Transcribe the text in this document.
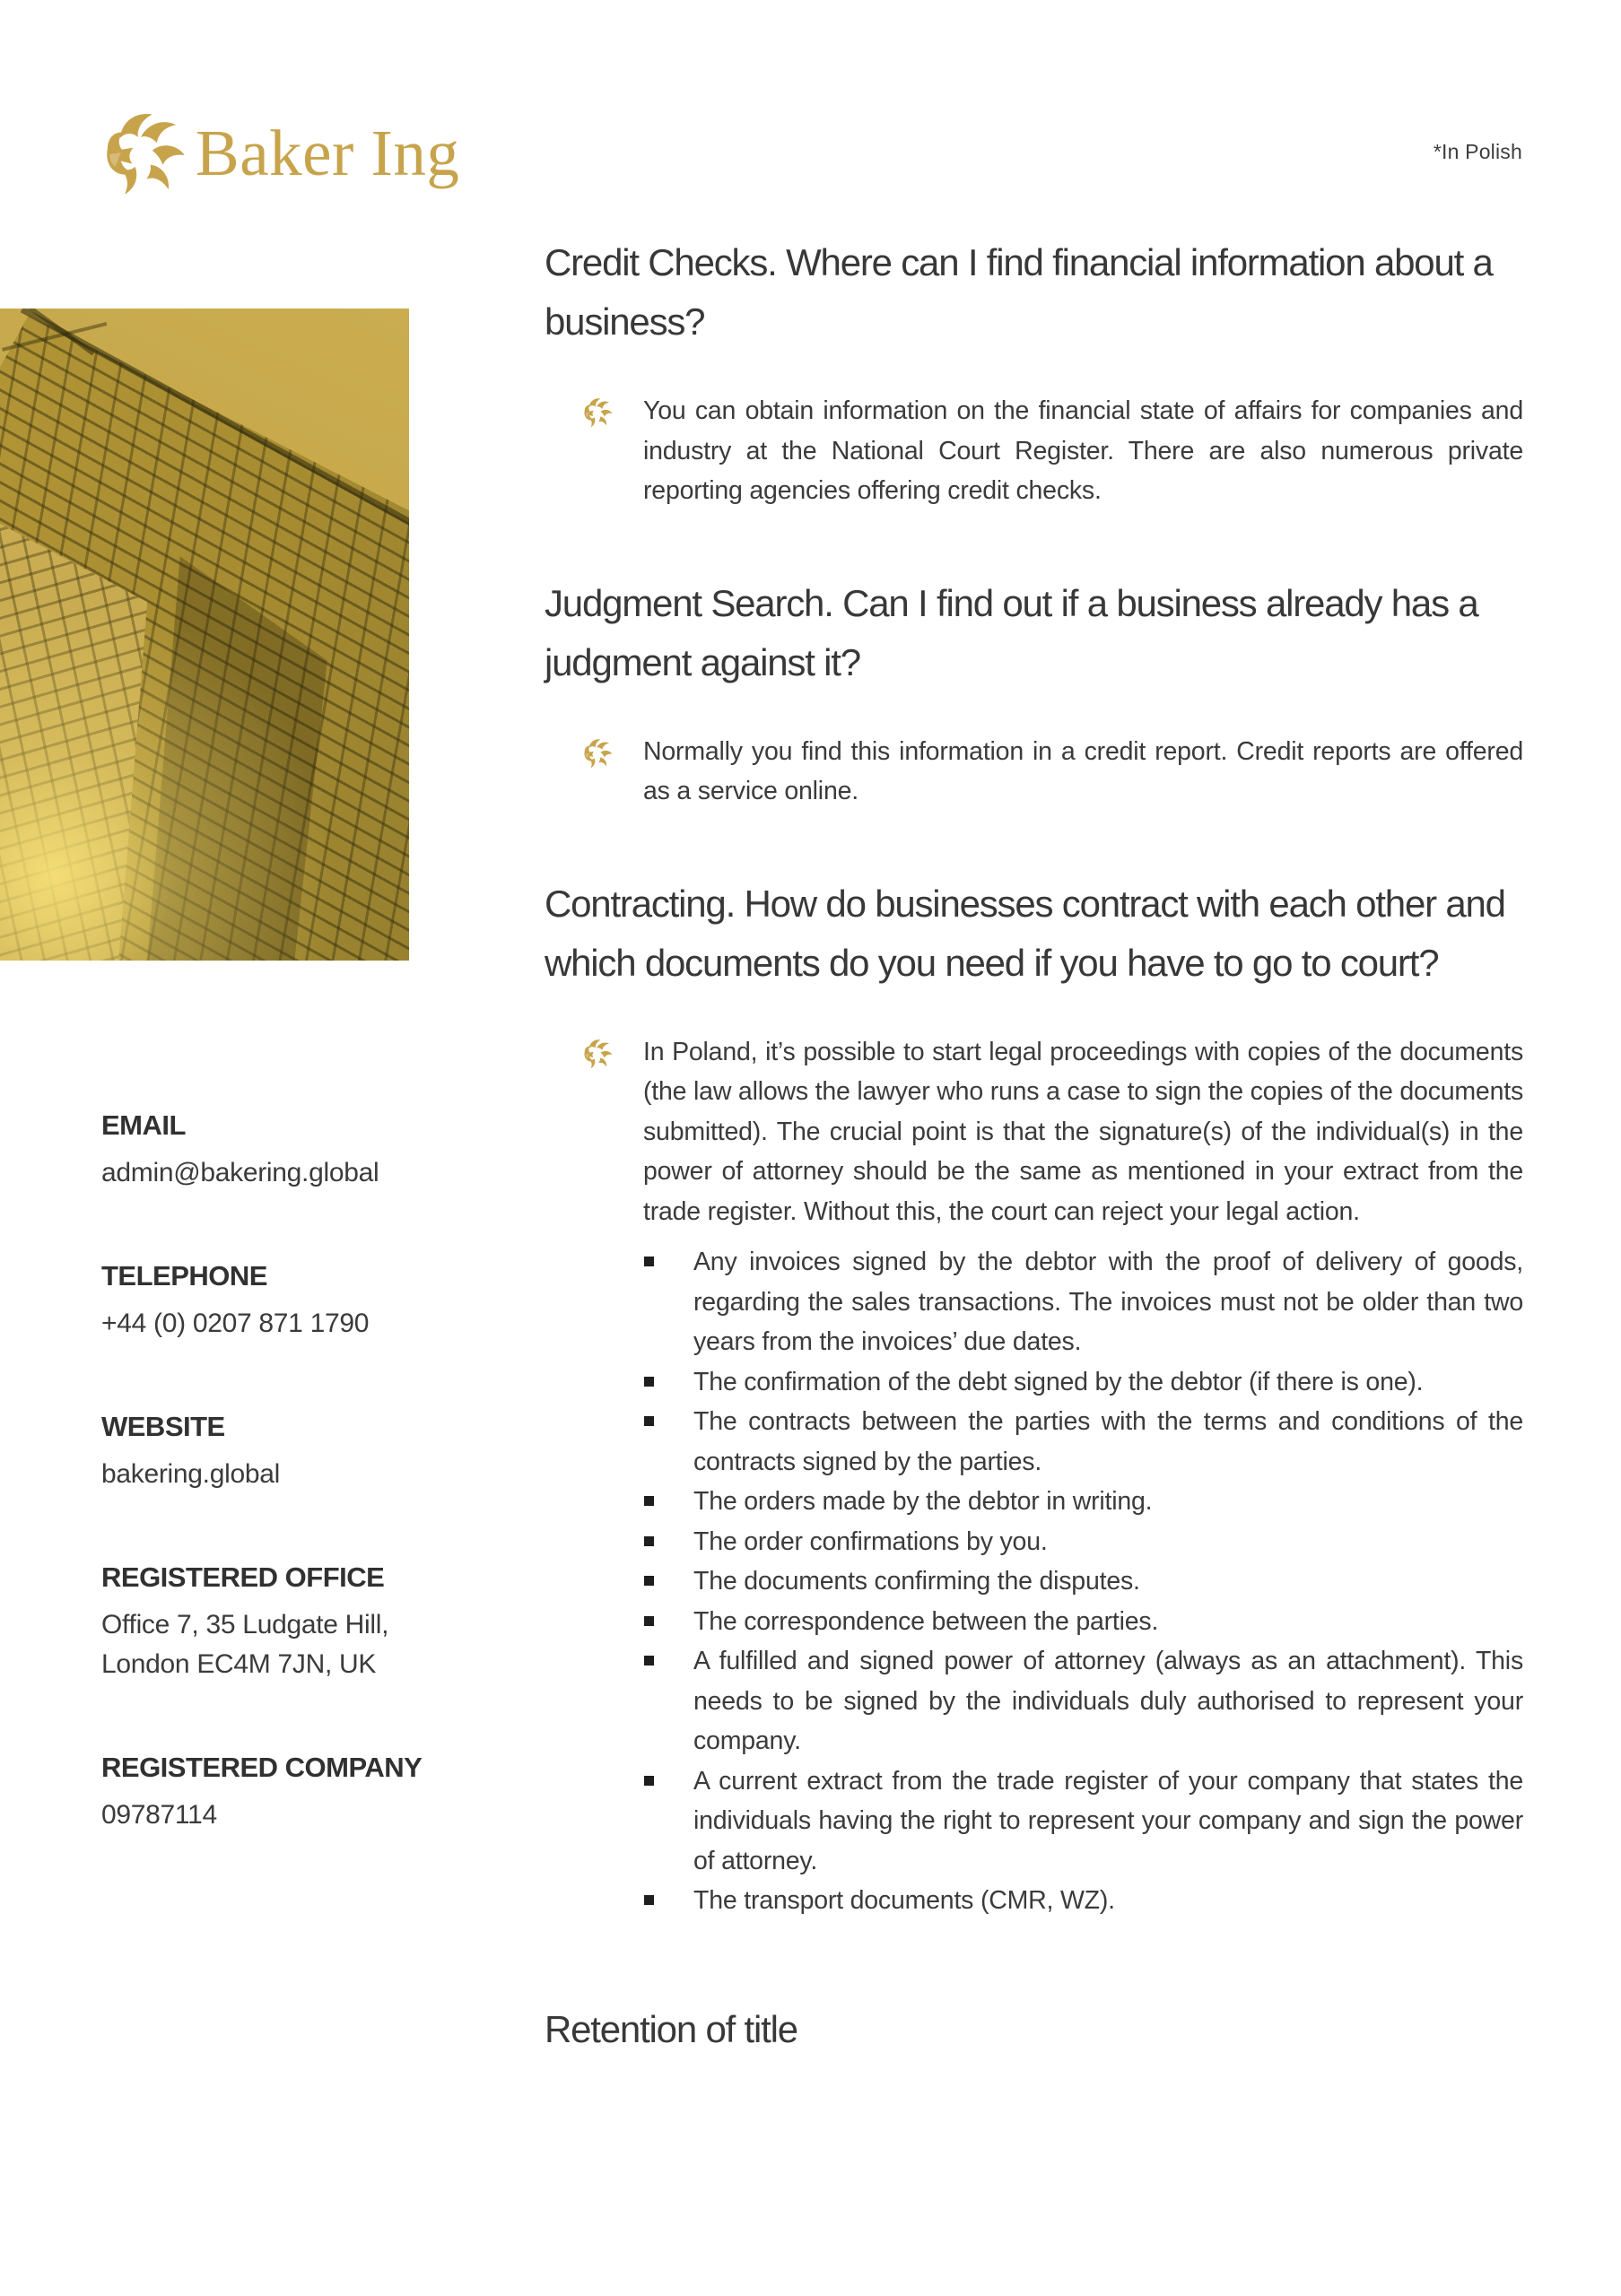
Baker Ing	*In Polish
EMAIL
admin@bakering.global
TELEPHONE
+44 (0) 0207 871 1790
WEBSITE
bakering.global
REGISTERED OFFICE
Office 7, 35 Ludgate Hill,
London EC4M 7JN, UK
REGISTERED COMPANY
09787114
Credit Checks. Where can I find financial information about a business?

You can obtain information on the financial state of affairs for companies and industry at the National Court Register. There are also numerous private reporting agencies offering credit checks.

Judgment Search. Can I find out if a business already has a judgment against it?

Normally you find this information in a credit report. Credit reports are offered as a service online.

Contracting. How do businesses contract with each other and which documents do you need if you have to go to court?

In Poland, it’s possible to start legal proceedings with copies of the documents (the law allows the lawyer who runs a case to sign the copies of the documents submitted). The crucial point is that the signature(s) of the individual(s) in the power of attorney should be the same as mentioned in your extract from the trade register. Without this, the court can reject your legal action.

Any invoices signed by the debtor with the proof of delivery of goods, regarding the sales transactions. The invoices must not be older than two years from the invoices’ due dates.
The confirmation of the debt signed by the debtor (if there is one).
The contracts between the parties with the terms and conditions of the contracts signed by the parties.
The orders made by the debtor in writing.
The order confirmations by you.
The documents confirming the disputes.
The correspondence between the parties.
A fulfilled and signed power of attorney (always as an attachment). This needs to be signed by the individuals duly authorised to represent your company.
A current extract from the trade register of your company that states the individuals having the right to represent your company and sign the power of attorney.
The transport documents (CMR, WZ).
Retention of title
